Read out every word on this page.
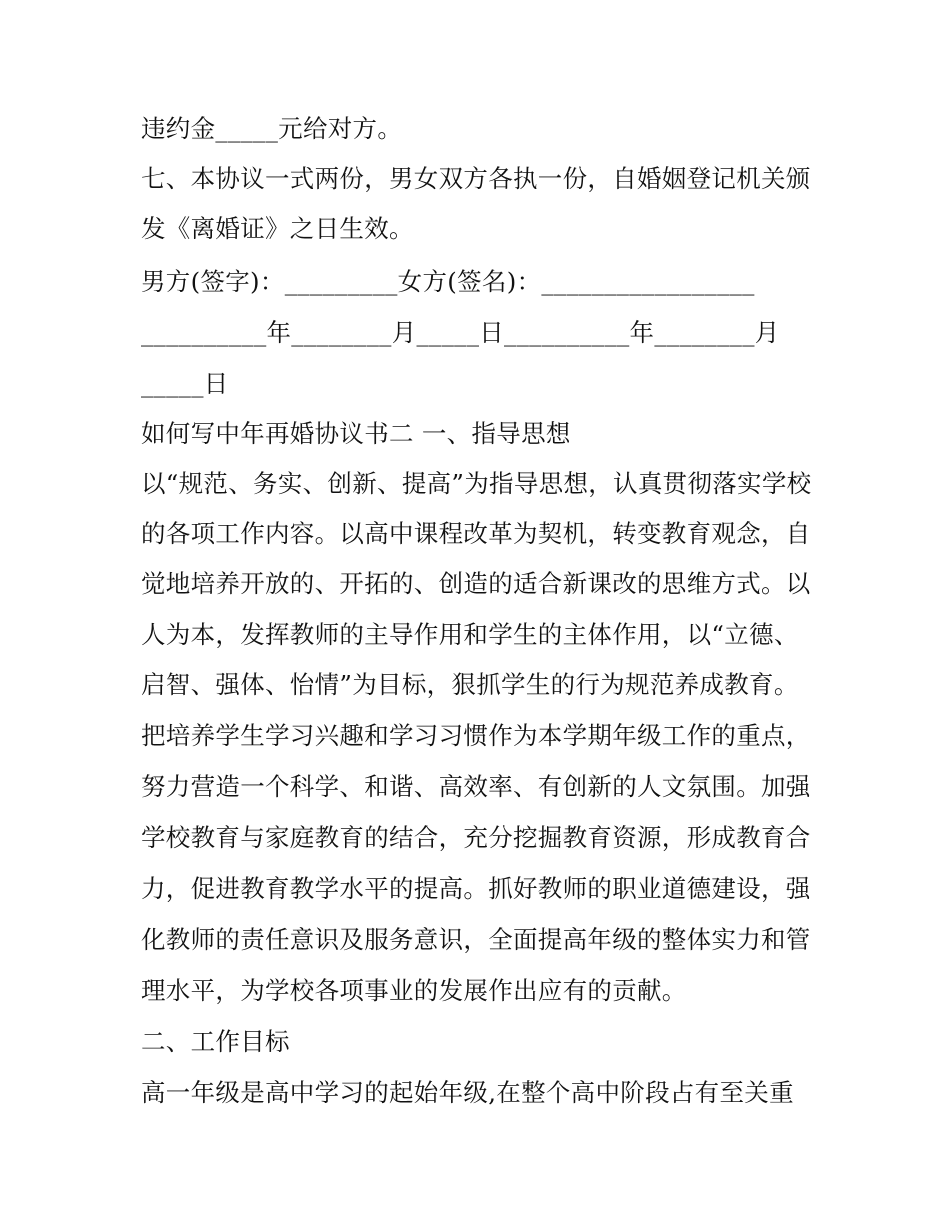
违约金_____元给对方。
七、本协议一式两份，男女双方各执一份，自婚姻登记机关颁
发《离婚证》之日生效。
男方(签字)：_________女方(签名)：_________________
__________年________月_____日__________年________月
_____日
如何写中年再婚协议书二 一、指导思想
以“规范、务实、创新、提高”为指导思想，认真贯彻落实学校
的各项工作内容。以高中课程改革为契机，转变教育观念，自
觉地培养开放的、开拓的、创造的适合新课改的思维方式。以
人为本，发挥教师的主导作用和学生的主体作用，以“立德、
启智、强体、怡情”为目标，狠抓学生的行为规范养成教育。
把培养学生学习兴趣和学习习惯作为本学期年级工作的重点，
努力营造一个科学、和谐、高效率、有创新的人文氛围。加强
学校教育与家庭教育的结合，充分挖掘教育资源，形成教育合
力，促进教育教学水平的提高。抓好教师的职业道德建设，强
化教师的责任意识及服务意识，全面提高年级的整体实力和管
理水平，为学校各项事业的发展作出应有的贡献。
二、工作目标
高一年级是高中学习的起始年级,在整个高中阶段占有至关重
